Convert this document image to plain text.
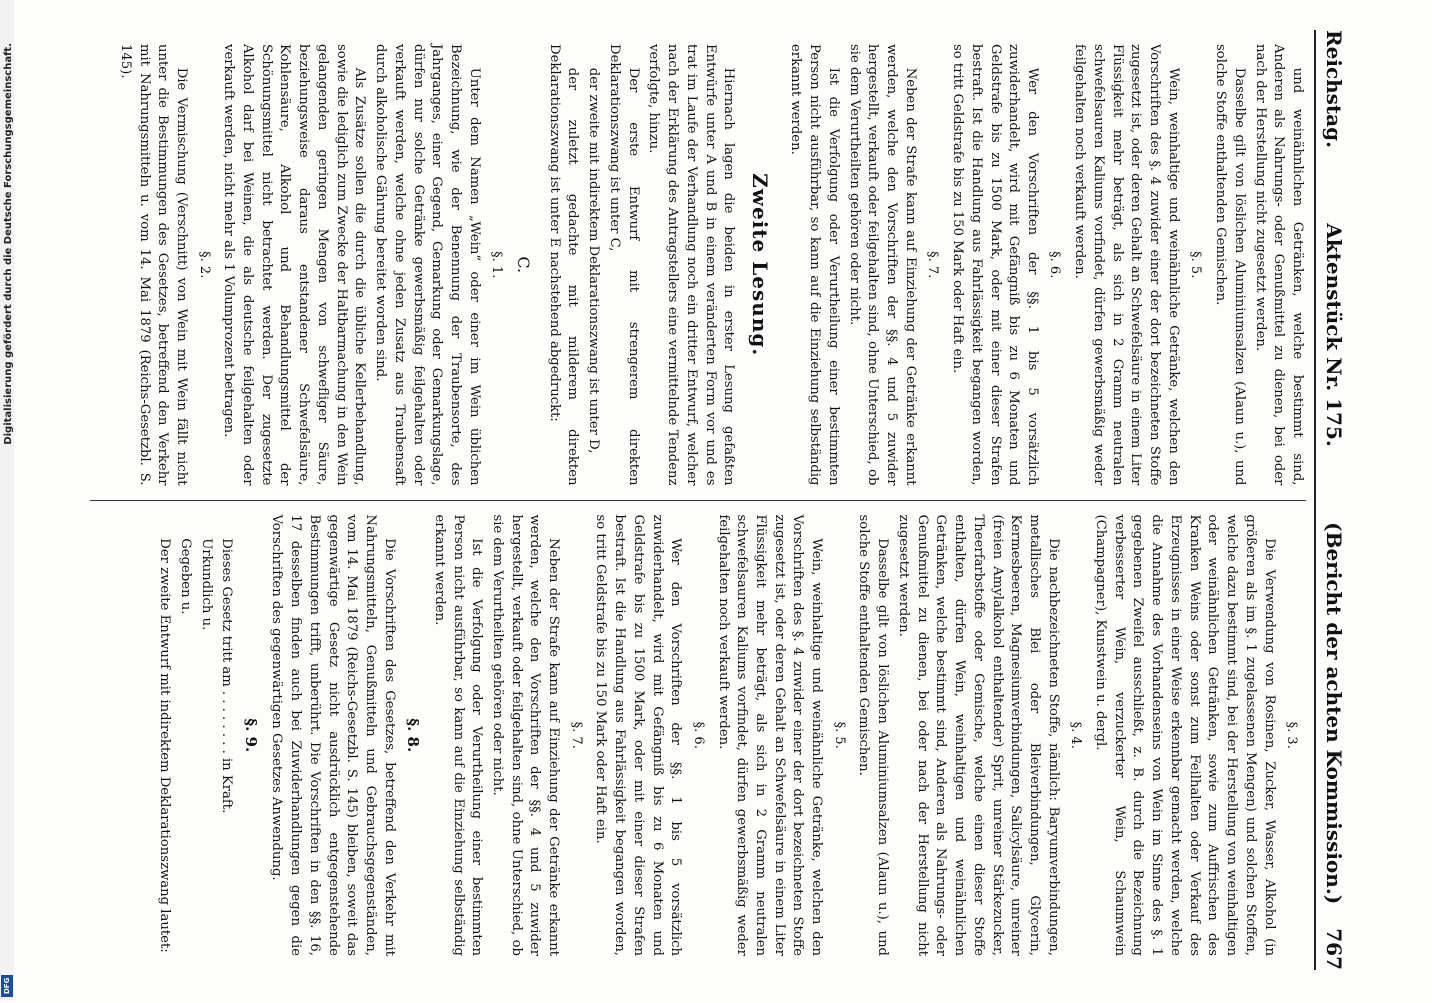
Digitalisierung gefördert durch die Deutsche Forschungsgemeinschaft.
DFG
Reichstag.
Aktenstück Nr. 175.
(Bericht der achten Kommission.)
767

und weinähnlichen Getränken, welche bestimmt sind, Anderen als Nahrungs- oder Genußmittel zu dienen, bei oder nach der Herstellung nicht zugesetzt werden.

Dasselbe gilt von löslichen Aluminiumsalzen (Alaun u.), und solche Stoffe enthaltenden Gemischen.

§. 5.

Wein, weinhaltige und weinähnliche Getränke, welchen den Vorschriften des §. 4 zuwider einer der dort bezeichneten Stoffe zugesetzt ist, oder deren Gehalt an Schwefelsäure in einem Liter Flüssigkeit mehr beträgt, als sich in 2 Gramm neutralen schwefelsauren Kaliums vorfindet, dürfen gewerbsmäßig weder feilgehalten noch verkauft werden.

§. 6.

Wer den Vorschriften der §§. 1 bis 5 vorsätzlich zuwiderhandelt, wird mit Gefängniß bis zu 6 Monaten und Geldstrafe bis zu 1500 Mark, oder mit einer dieser Strafen bestraft. Ist die Handlung aus Fahrlässigkeit begangen worden, so tritt Geldstrafe bis zu 150 Mark oder Haft ein.

§. 7.

Neben der Strafe kann auf Einziehung der Getränke erkannt werden, welche den Vorschriften der §§. 4 und 5 zuwider hergestellt, verkauft oder feilgehalten sind, ohne Unterschied, ob sie dem Verurtheilten gehören oder nicht.

Ist die Verfolgung oder Verurtheilung einer bestimmten Person nicht ausführbar, so kann auf die Einziehung selbständig erkannt werden.

Zweite Lesung.

Hiernach lagen die beiden in erster Lesung gefaßten Entwürfe unter A und B in einem veränderten Form vor und es trat im Laufe der Verhandlung noch ein dritter Entwurf, welcher nach der Erklärung des Antragstellers eine vermittelnde Tendenz verfolgte, hinzu.

Der erste Entwurf mit strengerem direkten Deklarationszwang ist unter C,

der zweite mit indirektem Deklarationszwang ist unter D,

der zuletzt gedachte mit milderem direkten Deklarationszwang ist unter E nachstehend abgedruckt:

C.
§. 1.

Unter dem Namen „Wein“ oder einer im Wein üblichen Bezeichnung, wie der Benennung der Traubensorte, des Jahrganges, einer Gegend, Gemarkung oder Gemarkungslage, dürfen nur solche Getränke gewerbsmäßig feilgehalten oder verkauft werden, welche ohne jeden Zusatz aus Traubensaft durch alkoholische Gährung bereitet worden sind.

Als Zusätze sollen die durch die übliche Kellerbehandlung, sowie die lediglich zum Zwecke der Haltbarmachung in den Wein gelangenden geringen Mengen von schwefliger Säure, beziehungsweise daraus entstandener Schwefelsäure, Kohlensäure, Alkohol und Behandlungsmittel der Schönungsmittel nicht betrachtet werden. Der zugesetzte Alkohol darf bei Weinen, die als deutsche feilgehalten oder verkauft werden, nicht mehr als 1 Volumprozent betragen.

§. 2.

Die Vermischung (Verschnitt) von Wein mit Wein fällt nicht unter die Bestimmungen des Gesetzes, betreffend den Verkehr mit Nahrungsmitteln u. vom 14. Mai 1879 (Reichs-Gesetzbl. S. 145).

§. 3.

Die Verwendung von Rosinen, Zucker, Wasser, Alkohol (in größeren als im §. 1 zugelassenen Mengen) und solchen Stoffen, welche dazu bestimmt sind, bei der Herstellung von weinhaltigen oder weinähnlichen Getränken, sowie zum Auffrischen des Kranken Weins oder sonst zum Feilhalten oder Verkauf des Erzeugnisses in einer Weise erkennbar gemacht werden, welche die Annahme des Vorhandenseins von Wein im Sinne des §. 1 gegebenen Zweifel ausschließt, z. B. durch die Bezeichnung verbesserter Wein, verzuckerter Wein, Schaumwein (Champagner), Kunstwein u. dergl.

§. 4.

Die nachbezeichneten Stoffe, nämlich: Baryumverbindungen, metallisches Blei oder Bleiverbindungen, Glycerin, Kermesbeeren, Magnesiumverbindungen, Salicylsäure, unreiner (freien Amylalkohol enthaltender) Sprit, unreiner Stärkezucker, Theerfarbstoffe oder Gemische, welche einen dieser Stoffe enthalten, dürfen Wein, weinhaltigen und weinähnlichen Getränken, welche bestimmt sind, Anderen als Nahrungs- oder Genußmittel zu dienen, bei oder nach der Herstellung nicht zugesetzt werden.

Dasselbe gilt von löslichen Aluminiumsalzen (Alaun u.), und solche Stoffe enthaltenden Gemischen.

§. 5.

Wein, weinhaltige und weinähnliche Getränke, welchen den Vorschriften des §. 4 zuwider einer der dort bezeichneten Stoffe zugesetzt ist, oder deren Gehalt an Schwefelsäure in einem Liter Flüssigkeit mehr beträgt, als sich in 2 Gramm neutralen schwefelsauren Kaliums vorfindet, dürfen gewerbsmäßig weder feilgehalten noch verkauft werden.

§. 6.

Wer den Vorschriften der §§. 1 bis 5 vorsätzlich zuwiderhandelt, wird mit Gefängniß bis zu 6 Monaten und Geldstrafe bis zu 1500 Mark, oder mit einer dieser Strafen bestraft. Ist die Handlung aus Fahrlässigkeit begangen worden, so tritt Geldstrafe bis zu 150 Mark oder Haft ein.

§. 7.

Neben der Strafe kann auf Einziehung der Getränke erkannt werden, welche den Vorschriften der §§. 4 und 5 zuwider hergestellt, verkauft oder feilgehalten sind, ohne Unterschied, ob sie dem Verurtheilten gehören oder nicht.

Ist die Verfolgung oder Verurtheilung einer bestimmten Person nicht ausführbar, so kann auf die Einziehung selbständig erkannt werden.

§. 8.

Die Vorschriften des Gesetzes, betreffend den Verkehr mit Nahrungsmitteln, Genußmitteln und Gebrauchsgegenständen, vom 14. Mai 1879 (Reichs-Gesetzbl. S. 145) bleiben, soweit das gegenwärtige Gesetz nicht ausdrücklich entgegenstehende Bestimmungen trifft, unberührt. Die Vorschriften in den §§. 16, 17 desselben finden auch bei Zuwiderhandlungen gegen die Vorschriften des gegenwärtigen Gesetzes Anwendung.

§. 9.

Dieses Gesetz tritt am . . . . . . . . in Kraft.

Urkundlich u.

Gegeben u.

Der zweite Entwurf mit indirektem Deklarationszwang lautet:
